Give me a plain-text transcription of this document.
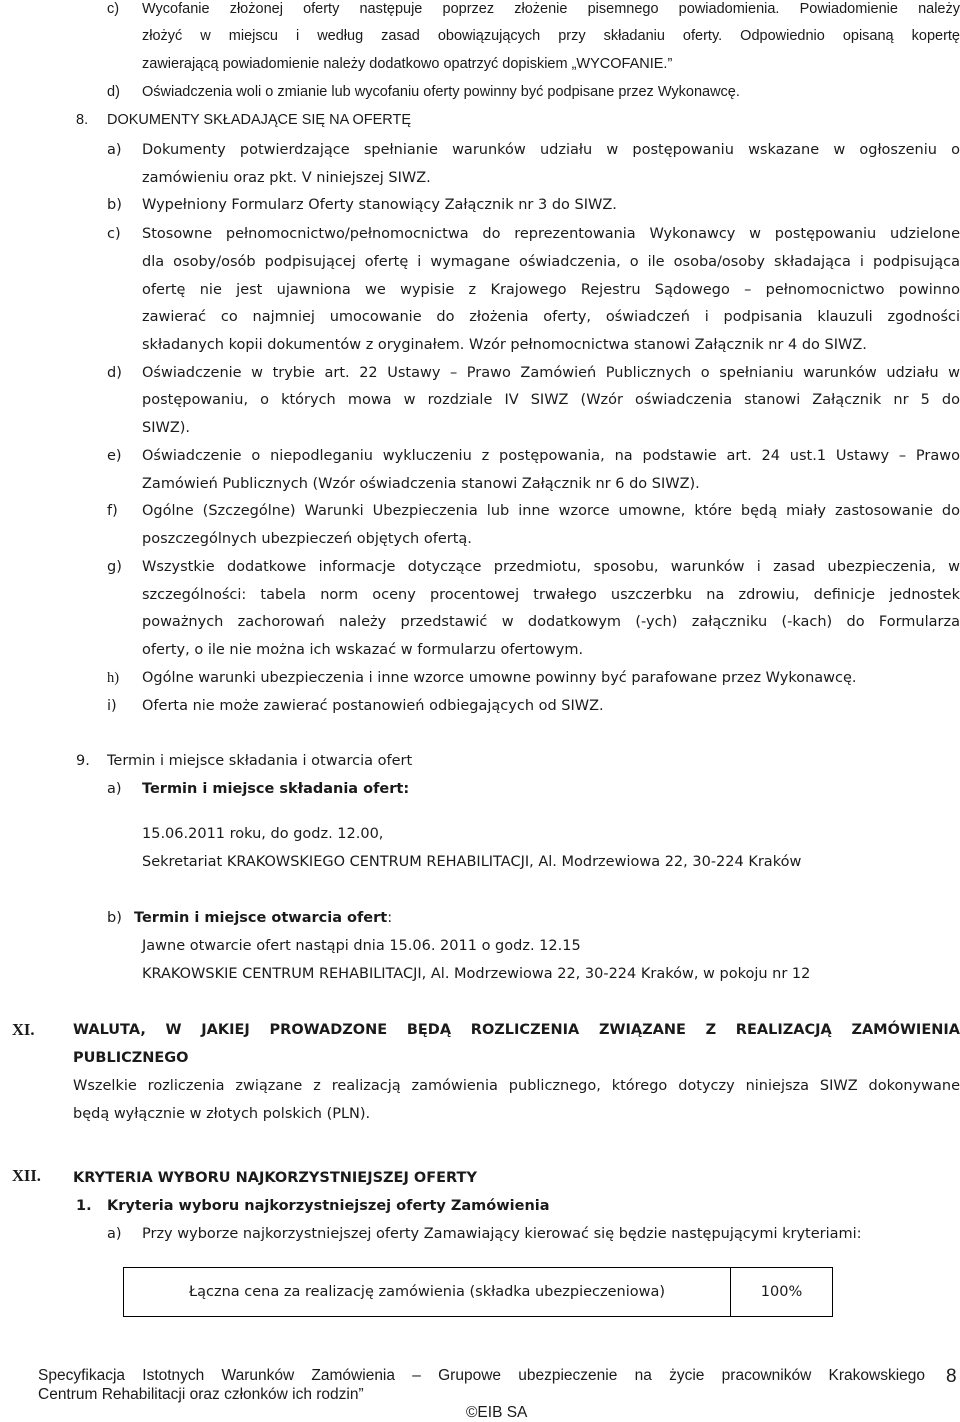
c) Wycofanie złożonej oferty następuje poprzez złożenie pisemnego powiadomienia. Powiadomienie należy
złożyć w miejscu i według zasad obowiązujących przy składaniu oferty. Odpowiednio opisaną kopertę
zawierającą powiadomienie należy dodatkowo opatrzyć dopiskiem „WYCOFANIE.”
d) Oświadczenia woli o zmianie lub wycofaniu oferty powinny być podpisane przez Wykonawcę.
8. DOKUMENTY SKŁADAJĄCE SIĘ NA OFERTĘ
a) Dokumenty potwierdzające spełnianie warunków udziału w postępowaniu wskazane w ogłoszeniu o
zamówieniu oraz pkt. V niniejszej SIWZ.
b) Wypełniony Formularz Oferty stanowiący Załącznik nr 3 do SIWZ.
c) Stosowne pełnomocnictwo/pełnomocnictwa do reprezentowania Wykonawcy w postępowaniu udzielone
dla osoby/osób podpisującej ofertę i wymagane oświadczenia, o ile osoba/osoby składająca i podpisująca
ofertę nie jest ujawniona we wypisie z Krajowego Rejestru Sądowego – pełnomocnictwo powinno
zawierać co najmniej umocowanie do złożenia oferty, oświadczeń i podpisania klauzuli zgodności
składanych kopii dokumentów z oryginałem. Wzór pełnomocnictwa stanowi Załącznik nr 4 do SIWZ.
d) Oświadczenie w trybie art. 22 Ustawy – Prawo Zamówień Publicznych o spełnianiu warunków udziału w
postępowaniu, o których mowa w rozdziale IV SIWZ (Wzór oświadczenia stanowi Załącznik nr 5 do
SIWZ).
e) Oświadczenie o niepodleganiu wykluczeniu z postępowania, na podstawie art. 24 ust.1 Ustawy – Prawo
Zamówień Publicznych (Wzór oświadczenia stanowi Załącznik nr 6 do SIWZ).
f) Ogólne (Szczególne) Warunki Ubezpieczenia lub inne wzorce umowne, które będą miały zastosowanie do
poszczególnych ubezpieczeń objętych ofertą.
g) Wszystkie dodatkowe informacje dotyczące przedmiotu, sposobu, warunków i zasad ubezpieczenia, w
szczególności: tabela norm oceny procentowej trwałego uszczerbku na zdrowiu, definicje jednostek
poważnych zachorowań należy przedstawić w dodatkowym (-ych) załączniku (-kach) do Formularza
oferty, o ile nie można ich wskazać w formularzu ofertowym.
h) Ogólne warunki ubezpieczenia i inne wzorce umowne powinny być parafowane przez Wykonawcę.
i) Oferta nie może zawierać postanowień odbiegających od SIWZ.
9. Termin i miejsce składania i otwarcia ofert
a) Termin i miejsce składania ofert:
15.06.2011 roku, do godz. 12.00,
Sekretariat KRAKOWSKIEGO CENTRUM REHABILITACJI, Al. Modrzewiowa 22, 30-224 Kraków
b) Termin i miejsce otwarcia ofert:
Jawne otwarcie ofert nastąpi dnia 15.06. 2011 o godz. 12.15
KRAKOWSKIE CENTRUM REHABILITACJI, Al. Modrzewiowa 22, 30-224 Kraków, w pokoju nr 12
XI.	WALUTA, W JAKIEJ PROWADZONE BĘDĄ ROZLICZENIA ZWIĄZANE Z REALIZACJĄ ZAMÓWIENIA
PUBLICZNEGO
Wszelkie rozliczenia związane z realizacją zamówienia publicznego, którego dotyczy niniejsza SIWZ dokonywane
będą wyłącznie w złotych polskich (PLN).
XII. KRYTERIA WYBORU NAJKORZYSTNIEJSZEJ OFERTY
1. Kryteria wyboru najkorzystniejszej oferty Zamówienia
a) Przy wyborze najkorzystniejszej oferty Zamawiający kierować się będzie następującymi kryteriami:
Łączna cena za realizację zamówienia (składka ubezpieczeniowa)	100%
Specyfikacja Istotnych Warunków Zamówienia – Grupowe ubezpieczenie na życie pracowników Krakowskiego
Centrum Rehabilitacji oraz członków ich rodzin”
8
©EIB SA
